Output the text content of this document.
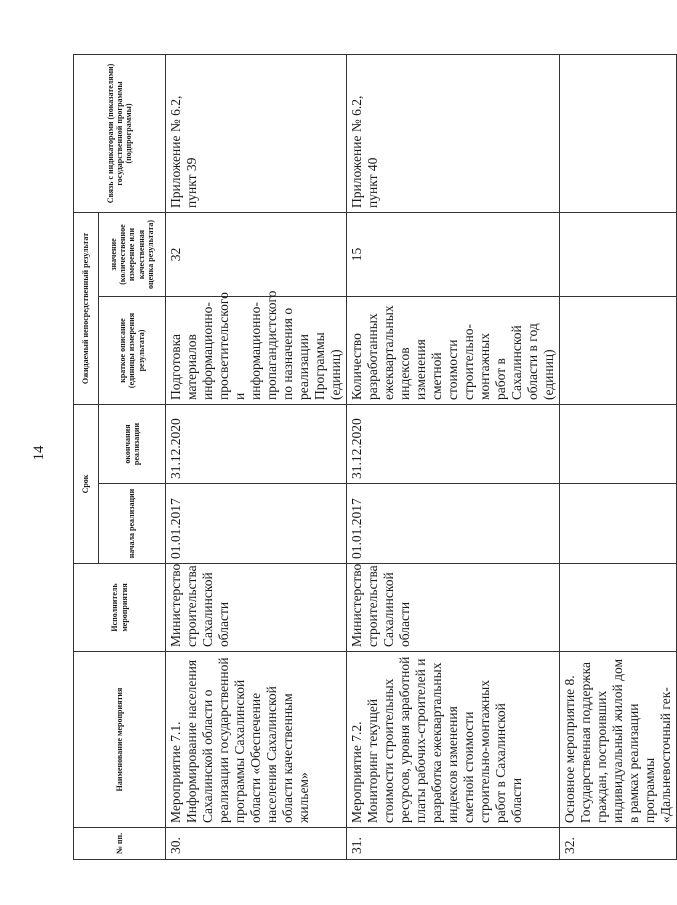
14
№ пп.	Наименование мероприятия	Исполнитель мероприятия	Срок		Ожидаемый непосредственный результат		Связь с индикаторами (показателями) государственной программы (подпрограммы)
			начала реализации	окончания реализации	краткое описание (единицы измерения результата)	значение (количественное измерение или качественная оценка результата)	
30.	Мероприятие 7.1. Информирование населения Сахалинской области о реализации государственной программы Сахалинской области «Обеспечение населения Сахалинской области качественным жильем»	Министерство строительства Сахалинской области	01.01.2017	31.12.2020	Подготовка материалов информационно-просветительского и информационно-пропагандистского по назначения о реализации Программы (единиц)	32	Приложение № 6.2, пункт 39
31.	Мероприятие 7.2. Мониторинг текущей стоимости строительных ресурсов, уровня заработной платы рабочих-строителей и разработка ежеквартальных индексов изменения сметной стоимости строительно-монтажных работ в Сахалинской области	Министерство строительства Сахалинской области	01.01.2017	31.12.2020	Количество разработанных ежеквартальных индексов изменения сметной стоимости строительно-монтажных работ в Сахалинской области в год (единиц)	15	Приложение № 6.2, пункт 40
32.	Основное мероприятие 8. Государственная поддержка граждан, построивших индивидуальный жилой дом в рамках реализации программы «Дальневосточный гек-						
